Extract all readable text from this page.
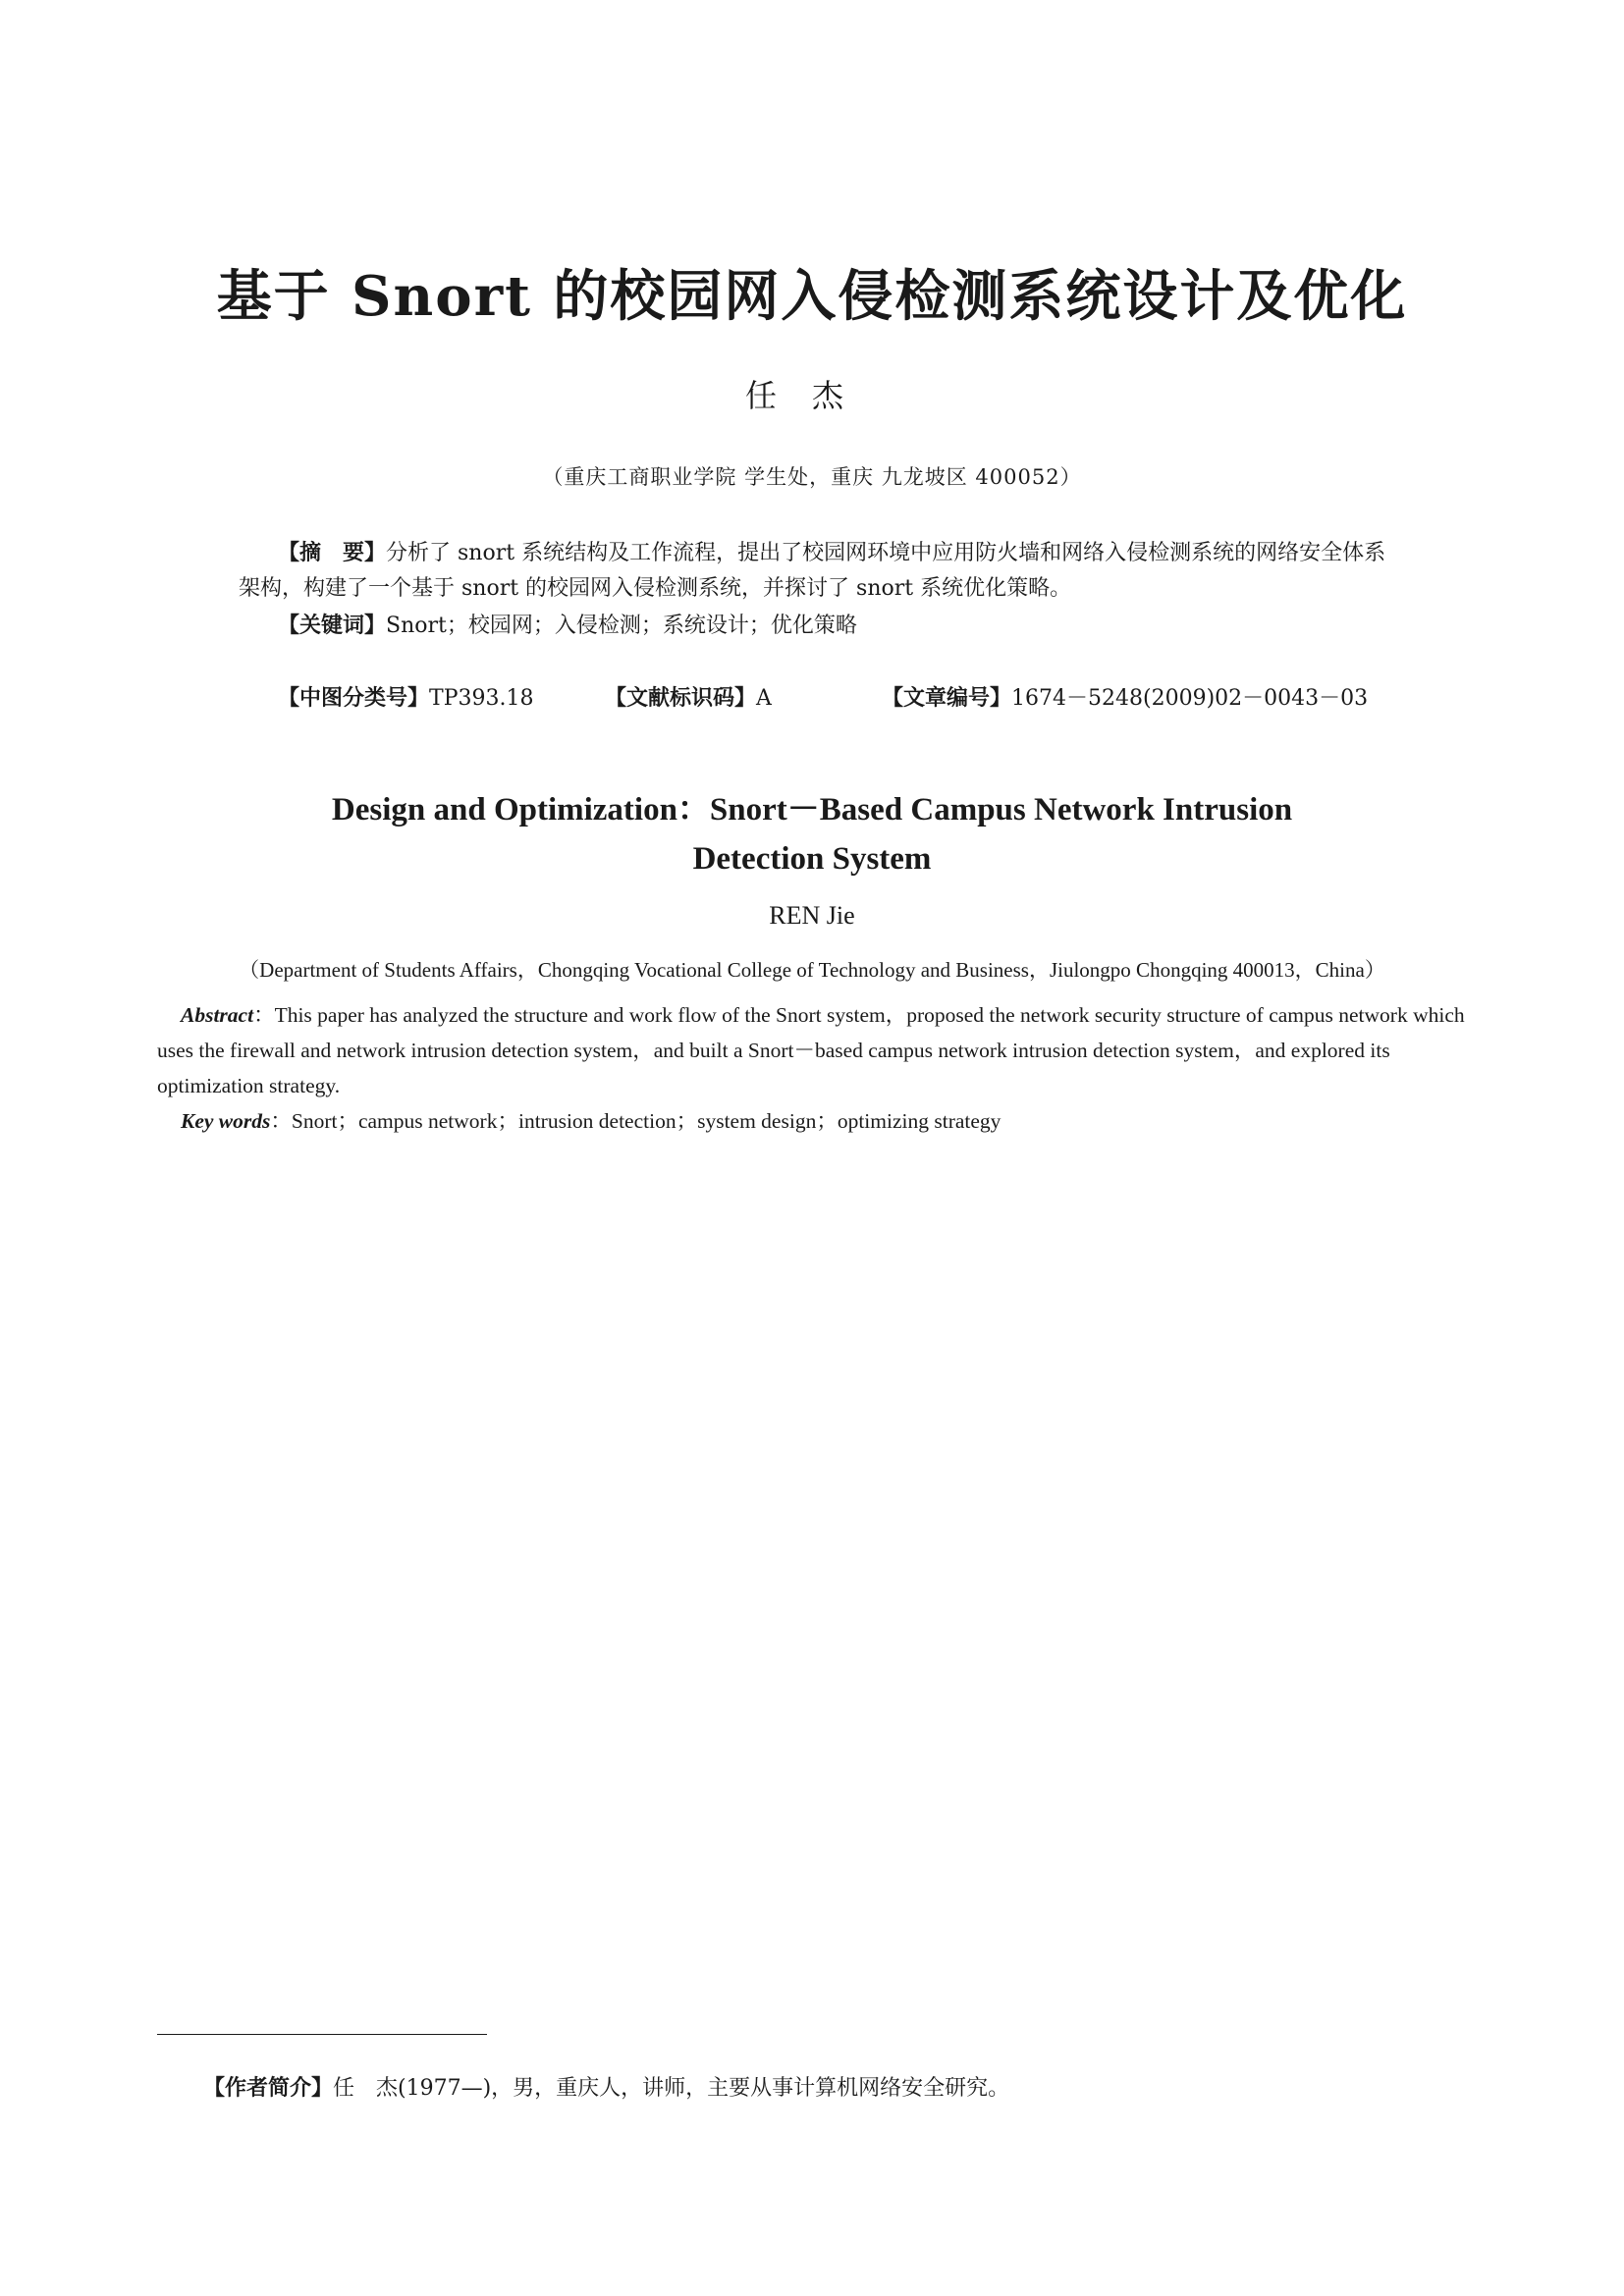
基于 Snort 的校园网入侵检测系统设计及优化
任杰
（重庆工商职业学院 学生处，重庆 九龙坡区 400052）
【摘　要】分析了 snort 系统结构及工作流程，提出了校园网环境中应用防火墙和网络入侵检测系统的网络安全体系架构，构建了一个基于 snort 的校园网入侵检测系统，并探讨了 snort 系统优化策略。
【关键词】Snort；校园网；入侵检测；系统设计；优化策略
【中图分类号】TP393.18	【文献标识码】A	【文章编号】1674－5248(2009)02－0043－03
Design and Optimization：Snort－Based Campus Network Intrusion
Detection System
REN Jie
（Department of Students Affairs，Chongqing Vocational College of Technology and Business，Jiulongpo Chongqing 400013，China）
Abstract：This paper has analyzed the structure and work flow of the Snort system，proposed the network security structure of campus network which uses the firewall and network intrusion detection system，and built a Snort－based campus network intrusion detection system，and explored its optimization strategy.
Key words：Snort；campus network；intrusion detection；system design；optimizing strategy
【作者简介】任　杰(1977—)，男，重庆人，讲师，主要从事计算机网络安全研究。
